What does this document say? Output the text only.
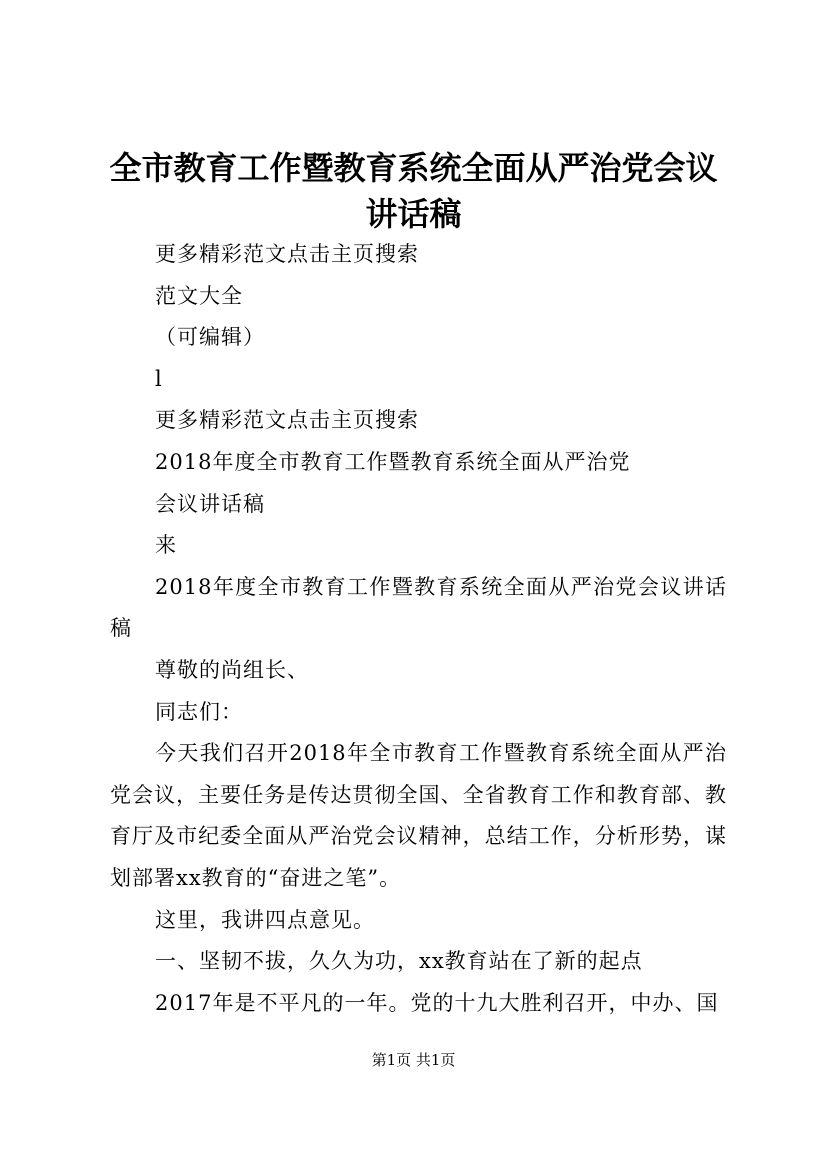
全市教育工作暨教育系统全面从严治党会议讲话稿

更多精彩范文点击主页搜索

范文大全

（可编辑）

l

更多精彩范文点击主页搜索

2018年度全市教育工作暨教育系统全面从严治党

会议讲话稿

来

2018年度全市教育工作暨教育系统全面从严治党会议讲话稿

尊敬的尚组长、

同志们：

今天我们召开2018年全市教育工作暨教育系统全面从严治党会议，主要任务是传达贯彻全国、全省教育工作和教育部、教育厅及市纪委全面从严治党会议精神，总结工作，分析形势，谋划部署xx教育的“奋进之笔”。

这里，我讲四点意见。

一、坚韧不拔，久久为功，xx教育站在了新的起点

2017年是不平凡的一年。党的十九大胜利召开，中办、国

第1页 共1页
